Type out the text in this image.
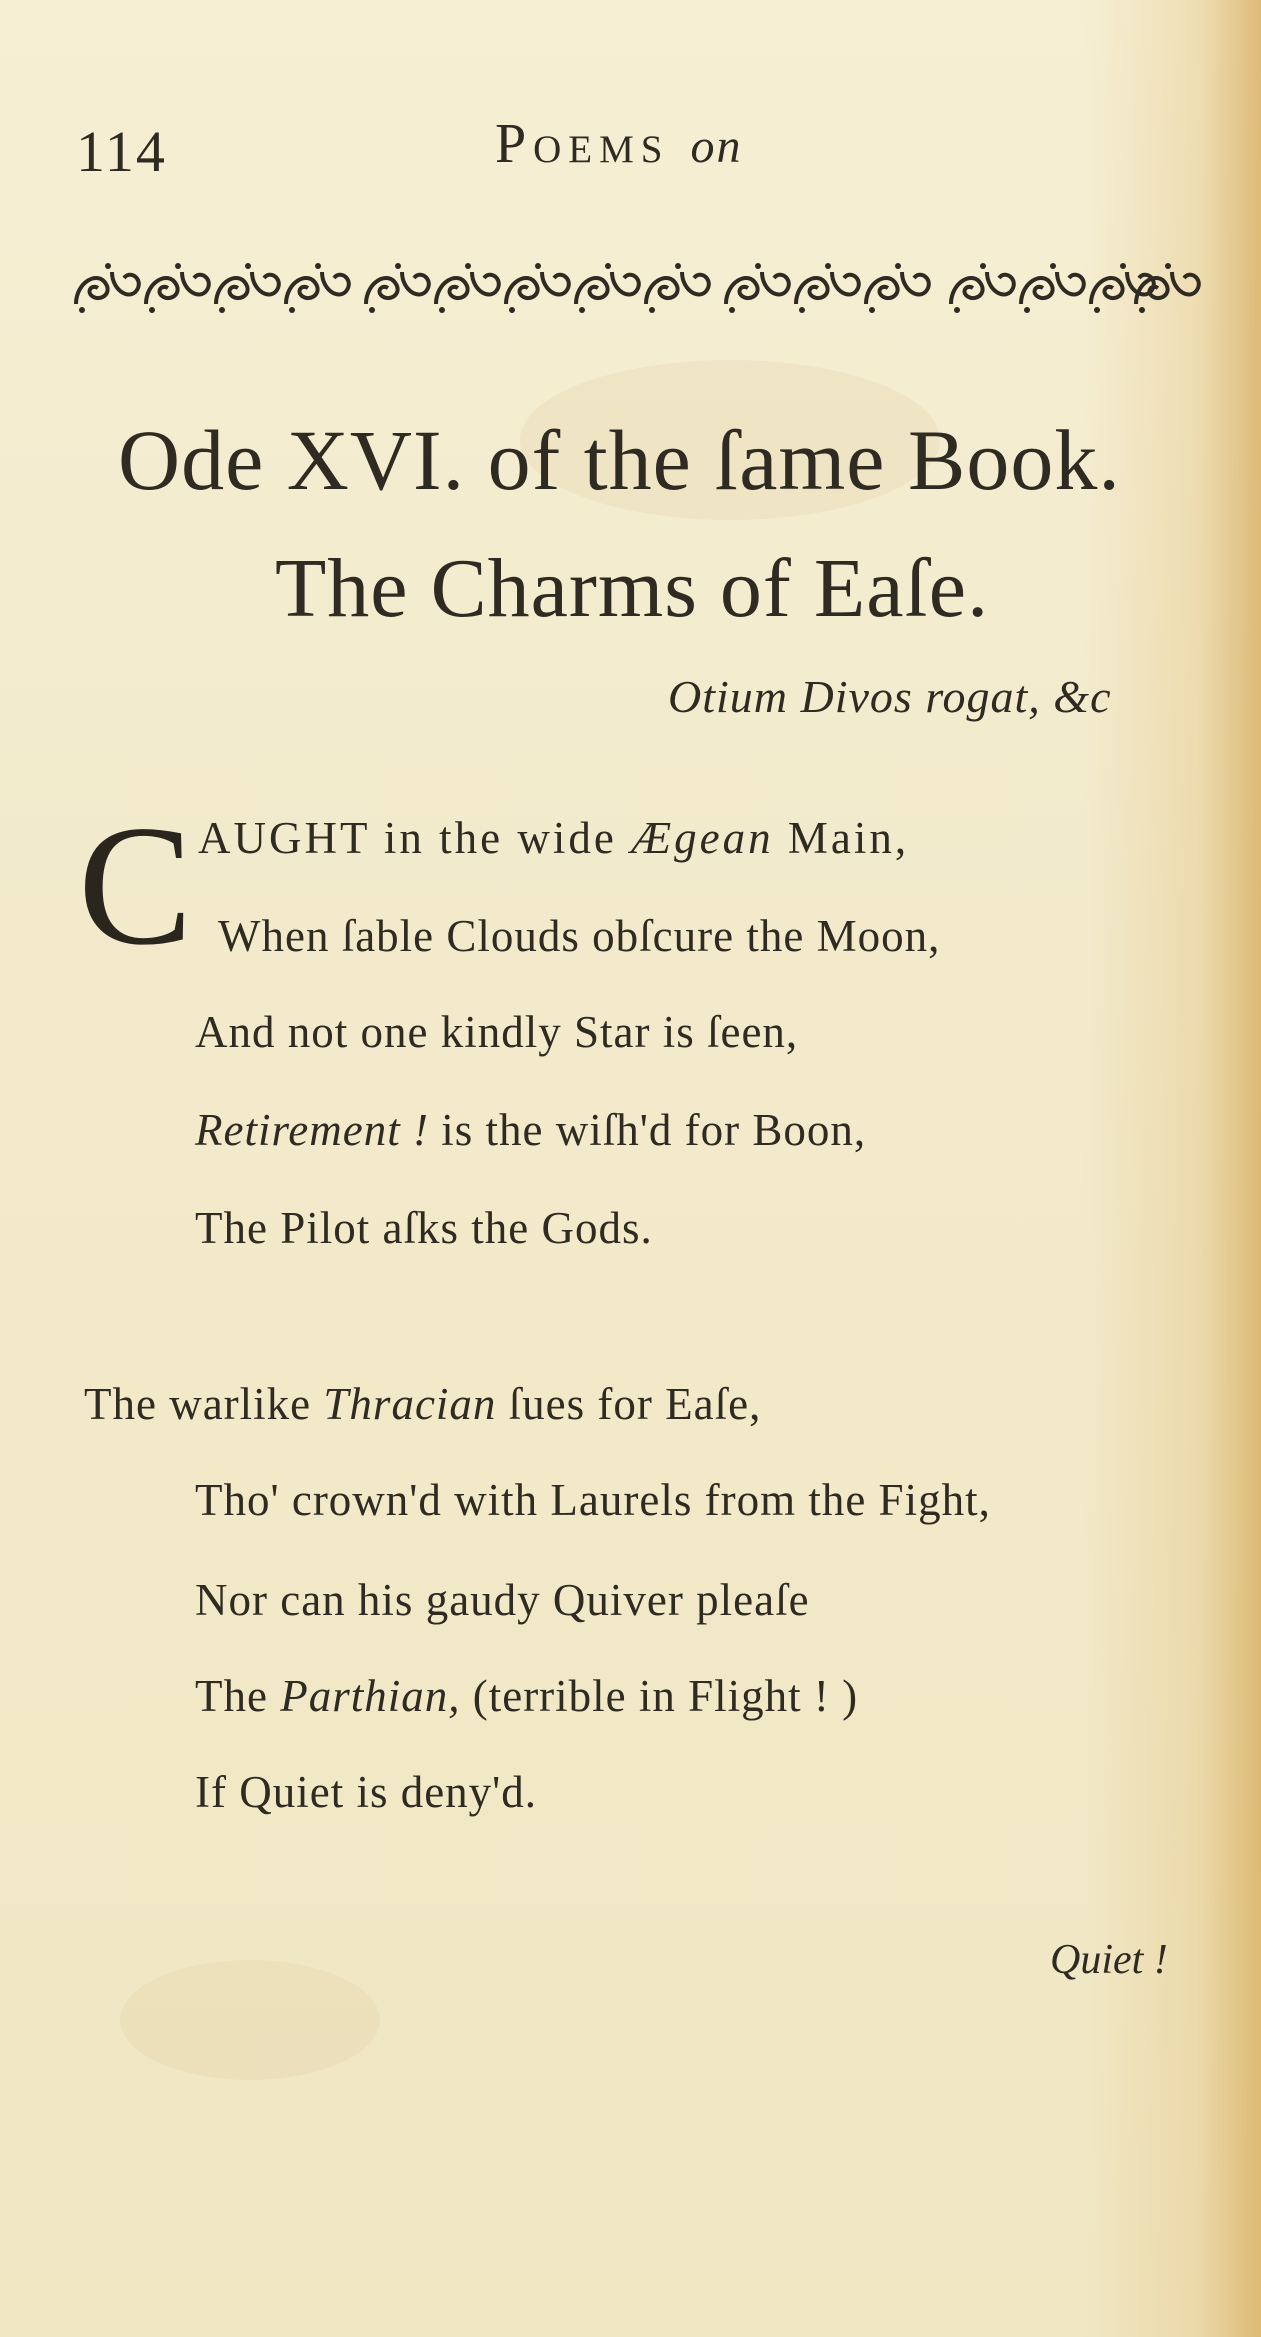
114	Poems on
Ode XVI. of the ſame Book.
The Charms of Eaſe.
Otium Divos rogat, &c
C AUGHT in the wide Ægean Main,
When ſable Clouds obſcure the Moon,
And not one kindly Star is ſeen,
Retirement ! is the wiſh'd for Boon,
The Pilot aſks the Gods.
The warlike Thracian ſues for Eaſe,
Tho' crown'd with Laurels from the Fight,
Nor can his gaudy Quiver pleaſe
The Parthian, (terrible in Flight ! )
If Quiet is deny'd.
Quiet !
